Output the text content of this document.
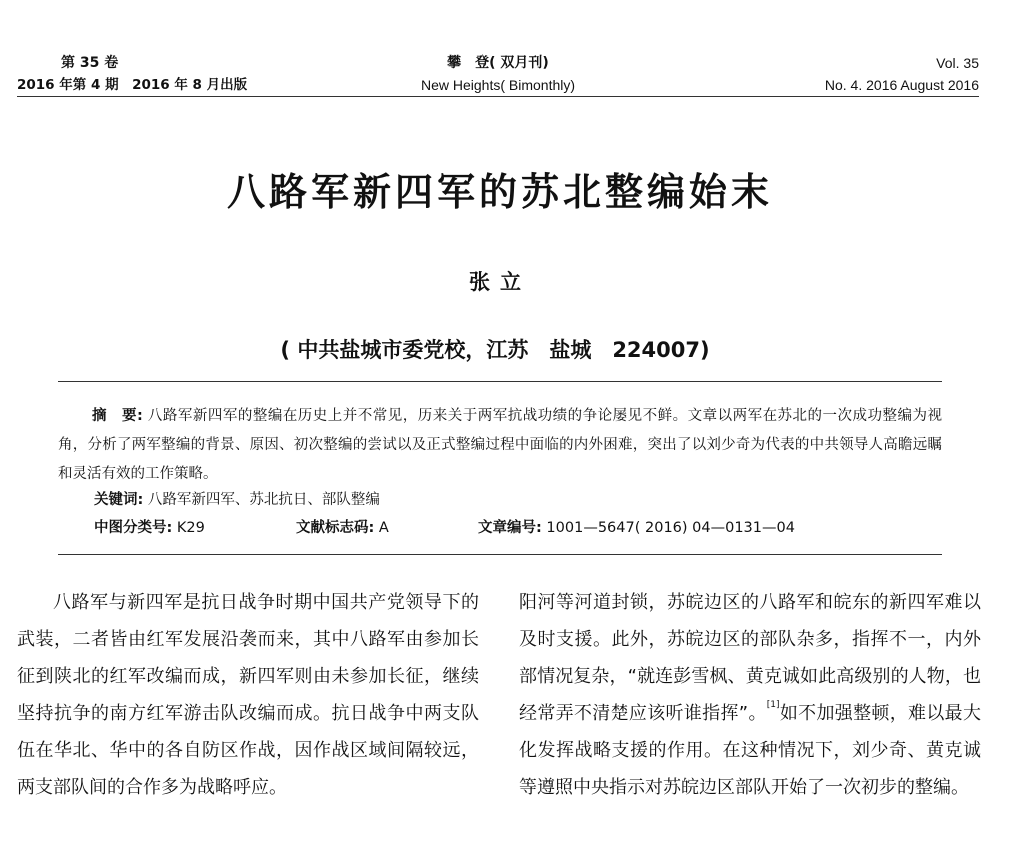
第 35 卷
2016 年第 4 期　2016 年 8 月出版
攀　登( 双月刊)
New Heights( Bimonthly)
Vol. 35
No. 4. 2016 August 2016
八路军新四军的苏北整编始末
张立
( 中共盐城市委党校，江苏　盐城　224007)

摘　要: 八路军新四军的整编在历史上并不常见，历来关于两军抗战功绩的争论屡见不鲜。文章以两军在苏北的一次成功整编为视角，分析了两军整编的背景、原因、初次整编的尝试以及正式整编过程中面临的内外困难，突出了以刘少奇为代表的中共领导人高瞻远瞩和灵活有效的工作策略。

关键词: 八路军新四军、苏北抗日、部队整编
中图分类号: K29	文献标志码: A	文章编号: 1001—5647( 2016) 04—0131—04

八路军与新四军是抗日战争时期中国共产党领导下的武装，二者皆由红军发展沿袭而来，其中八路军由参加长征到陕北的红军改编而成，新四军则由未参加长征，继续坚持抗争的南方红军游击队改编而成。抗日战争中两支队伍在华北、华中的各自防区作战，因作战区域间隔较远，两支部队间的合作多为战略呼应。

阳河等河道封锁，苏皖边区的八路军和皖东的新四军难以及时支援。此外，苏皖边区的部队杂多，指挥不一，内外部情况复杂，“就连彭雪枫、黄克诚如此高级别的人物，也经常弄不清楚应该听谁指挥”。[1]如不加强整顿，难以最大化发挥战略支援的作用。在这种情况下，刘少奇、黄克诚等遵照中央指示对苏皖边区部队开始了一次初步的整编。
